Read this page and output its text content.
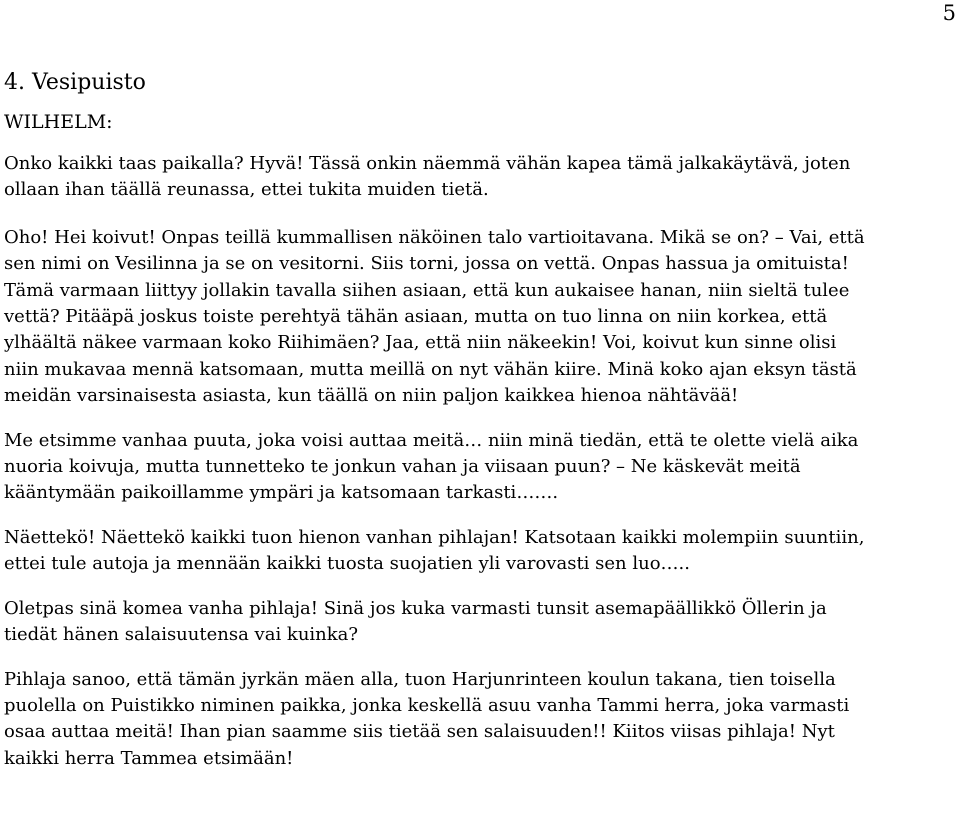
5
4. Vesipuisto
WILHELM:

Onko kaikki taas paikalla? Hyvä! Tässä onkin näemmä vähän kapea tämä jalkakäytävä, joten
ollaan ihan täällä reunassa, ettei tukita muiden tietä.

Oho! Hei koivut! Onpas teillä kummallisen näköinen talo vartioitavana. Mikä se on? – Vai, että
sen nimi on Vesilinna ja se on vesitorni. Siis torni, jossa on vettä. Onpas hassua ja omituista!
Tämä varmaan liittyy jollakin tavalla siihen asiaan, että kun aukaisee hanan, niin sieltä tulee
vettä? Pitääpä joskus toiste perehtyä tähän asiaan, mutta on tuo linna on niin korkea, että
ylhäältä näkee varmaan koko Riihimäen? Jaa, että niin näkeekin! Voi, koivut kun sinne olisi
niin mukavaa mennä katsomaan, mutta meillä on nyt vähän kiire. Minä koko ajan eksyn tästä
meidän varsinaisesta asiasta, kun täällä on niin paljon kaikkea hienoa nähtävää!

Me etsimme vanhaa puuta, joka voisi auttaa meitä… niin minä tiedän, että te olette vielä aika
nuoria koivuja, mutta tunnetteko te jonkun vahan ja viisaan puun? – Ne käskevät meitä
kääntymään paikoillamme ympäri ja katsomaan tarkasti…….

Näettekö! Näettekö kaikki tuon hienon vanhan pihlajan! Katsotaan kaikki molempiin suuntiin,
ettei tule autoja ja mennään kaikki tuosta suojatien yli varovasti sen luo…..

Oletpas sinä komea vanha pihlaja! Sinä jos kuka varmasti tunsit asemapäällikkö Öllerin ja
tiedät hänen salaisuutensa vai kuinka?

Pihlaja sanoo, että tämän jyrkän mäen alla, tuon Harjunrinteen koulun takana, tien toisella
puolella on Puistikko niminen paikka, jonka keskellä asuu vanha Tammi herra, joka varmasti
osaa auttaa meitä! Ihan pian saamme siis tietää sen salaisuuden!! Kiitos viisas pihlaja! Nyt
kaikki herra Tammea etsimään!
